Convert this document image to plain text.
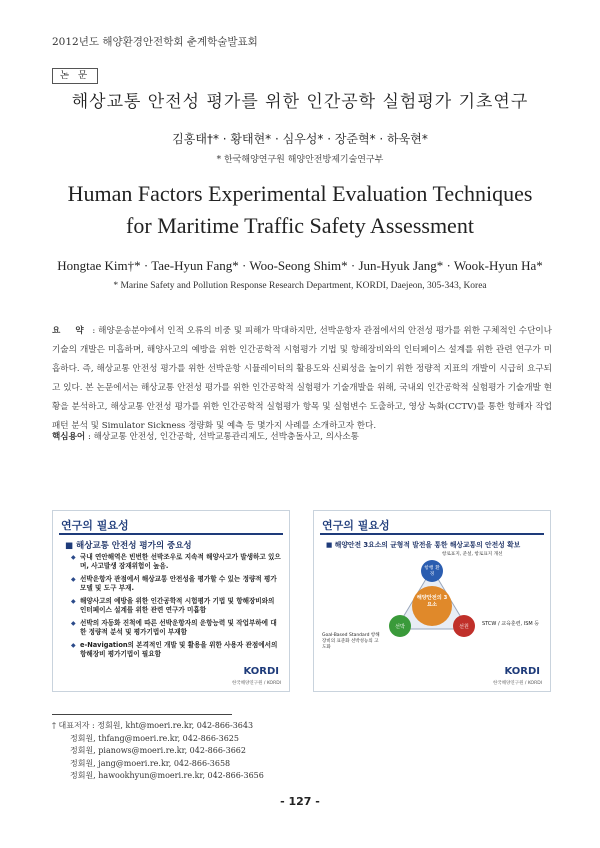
2012년도 해양환경안전학회 춘계학술발표회
논 문
해상교통 안전성 평가를 위한 인간공학 실험평가 기초연구
김홍태†* · 황태현* · 심우성* · 장준혁* · 하욱현*
* 한국해양연구원 해양안전방제기술연구부
Human Factors Experimental Evaluation Techniques
for Maritime Traffic Safety Assessment
Hongtae Kim†* · Tae-Hyun Fang* · Woo-Seong Shim* · Jun-Hyuk Jang* · Wook-Hyun Ha*
* Marine Safety and Pollution Response Research Department, KORDI, Daejeon, 305-343, Korea
요 약 : 해양운송분야에서 인적 오류의 비중 및 피해가 막대하지만, 선박운항자 관점에서의 안전성 평가를 위한 구체적인 수단이나 기술의 개발은 미흡하며, 해양사고의 예방을 위한 인간공학적 시험평가 기법 및 항해장비와의 인터페이스 설계를 위한 관련 연구가 미흡하다. 즉, 해상교통 안전성 평가를 위한 선박운항 시뮬레이터의 활용도와 신뢰성을 높이기 위한 정량적 지표의 개발이 시급히 요구되고 있다. 본 논문에서는 해상교통 안전성 평가를 위한 인간공학적 실험평가 기술개발을 위해, 국내외 인간공학적 실험평가 기술개발 현황을 분석하고, 해상교통 안전성 평가를 위한 인간공학적 실험평가 항목 및 실험변수 도출하고, 영상 녹화(CCTV)를 통한 항해자 작업패턴 분석 및 Simulator Sickness 정량화 및 예측 등 몇가지 사례를 소개하고자 한다.
핵심용어 : 해상교통 안전성, 인간공학, 선박교통관리제도, 선박충돌사고, 의사소통
연구의 필요성
■ 해상교통 안전성 평가의 중요성
◆ 국내 연안해역은 빈번한 선박조우로 지속적 해양사고가 발생하고 있으며, 사고발생 잠재위험이 높음.
◆ 선박운항자 관점에서 해상교통 안전성을 평가할 수 있는 정량적 평가모델 및 도구 부재.
◆ 해양사고의 예방을 위한 인간공학적 시험평가 기법 및 항해장비와의 인터페이스 설계를 위한 관련 연구가 미흡함
◆ 선박의 자동화 진척에 따른 선박운항자의 운항능력 및 작업부하에 대한 정량적 분석 및 평가기법이 부재함
◆ e-Navigation의 본격적인 개발 및 활용을 위한 사용자 관점에서의 항해장비 평가기법이 필요함
KORDI
한국해양연구원 / KORDI
연구의 필요성
■ 해양안전 3요소의 균형적 발전을 통한 해상교통의 안전성 확보
항로표지, 준설, 항로표지 개선
해양안전의 3요소
항행 환경
선박	선원
Goal-Based Standard 항해장비의 표준화 선박성능의 고도화
STCW / 교육훈련, ISM 등
KORDI
한국해양연구원 / KORDI
† 대표저자 : 정회원, kht@moeri.re.kr, 042-866-3643
정회원, thfang@moeri.re.kr, 042-866-3625
정회원, pianows@moeri.re.kr, 042-866-3662
정회원, jang@moeri.re.kr, 042-866-3658
정회원, hawookhyun@moeri.re.kr, 042-866-3656
- 127 -
